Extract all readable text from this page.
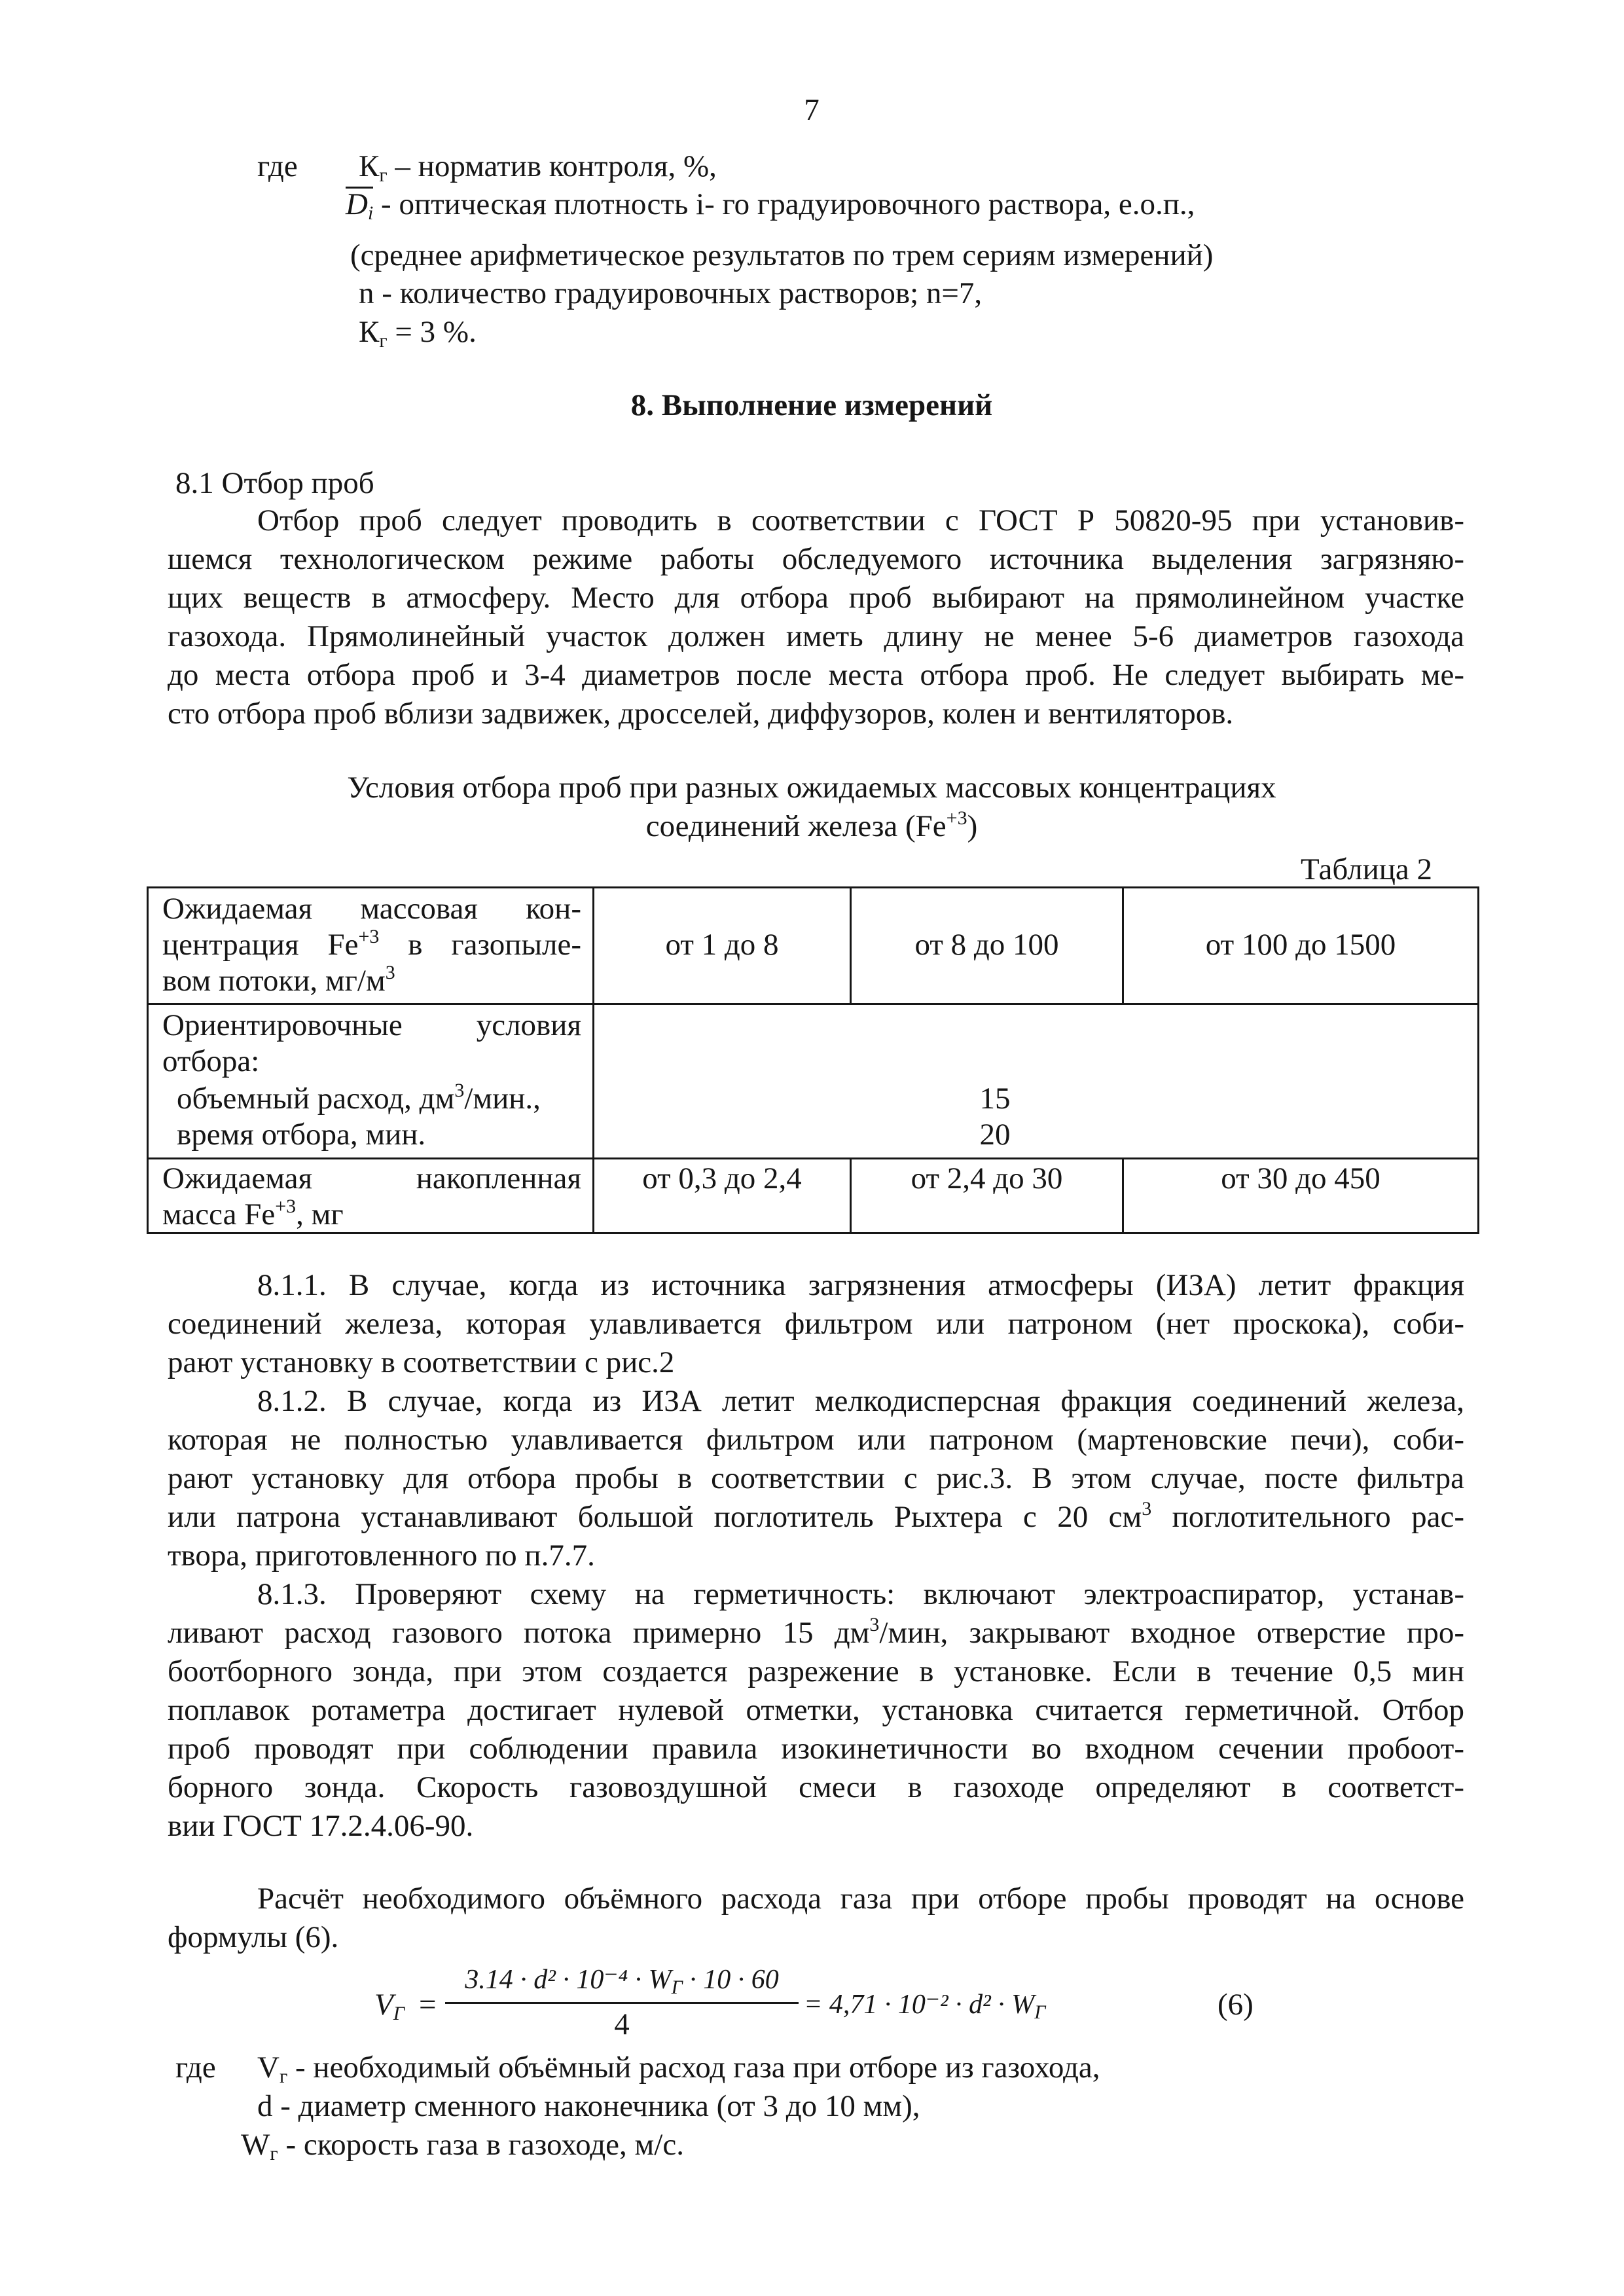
7
где $К_г$ – норматив контроля, %,
$D_i$ - оптическая плотность i- го градуировочного раствора, е.о.п.,
(среднее арифметическое результатов по трем сериям измерений)
n - количество градуировочных растворов; n=7,
$К_г = 3$ %.
8. Выполнение измерений
8.1 Отбор проб
Отбор проб следует проводить в соответствии с ГОСТ Р 50820-95 при установив-
шемся технологическом режиме работы обследуемого источника выделения загрязняю-
щих веществ в атмосферу. Место для отбора проб выбирают на прямолинейном участке
газохода. Прямолинейный участок должен иметь длину не менее 5-6 диаметров газохода
до места отбора проб и 3-4 диаметров после места отбора проб. Не следует выбирать ме-
сто отбора проб вблизи задвижек, дросселей, диффузоров, колен и вентиляторов.
Условия отбора проб при разных ожидаемых массовых концентрациях
соединений железа $(Fe^{+3})$
Таблица 2
Ожидаемая массовая кон-
центрация $Fe^{+3}$ в газопыле-
вом потоки, $мг/м^3$
от 1 до 8	от 8 до 100	от 100 до 1500
Ориентировочные условия
отбора:
объемный расход, $дм^3$/мин.,
время отбора, мин.
15
20
Ожидаемая накопленная
масса $Fe^{+3}$, мг
от 0,3 до 2,4	от 2,4 до 30	от 30 до 450
8.1.1. В случае, когда из источника загрязнения атмосферы (ИЗА) летит фракция
соединений железа, которая улавливается фильтром или патроном (нет проскока), соби-
рают установку в соответствии с рис.2
8.1.2. В случае, когда из ИЗА летит мелкодисперсная фракция соединений железа,
которая не полностью улавливается фильтром или патроном (мартеновские печи), соби-
рают установку для отбора пробы в соответствии с рис.3. В этом случае, посте фильтра
или патрона устанавливают большой поглотитель Рыхтера с 20 $см^3$ поглотительного рас-
твора, приготовленного по п.7.7.
8.1.3. Проверяют схему на герметичность: включают электроаспиратор, устанав-
ливают расход газового потока примерно 15 $дм^3$/мин, закрывают входное отверстие про-
боотборного зонда, при этом создается разрежение в установке. Если в течение 0,5 мин
поплавок ротаметра достигает нулевой отметки, установка считается герметичной. Отбор
проб проводят при соблюдении правила изокинетичности во входном сечении пробоот-
борного зонда. Скорость газовоздушной смеси в газоходе определяют в соответст-
вии ГОСТ 17.2.4.06-90.
Расчёт необходимого объёмного расхода газа при отборе пробы проводят на основе
формулы (6).
$V_Г$ =
$3.14 \cdot d^2 \cdot 10^{-4} \cdot W_Г \cdot 10 \cdot 60$
4
= $4,71 \cdot 10^{-2} \cdot d^2 \cdot W_Г$	(6)
где $V_г$ - необходимый объёмный расход газа при отборе из газохода,
d - диаметр сменного наконечника (от 3 до 10 мм),
$W_г$ - скорость газа в газоходе, м/с.
